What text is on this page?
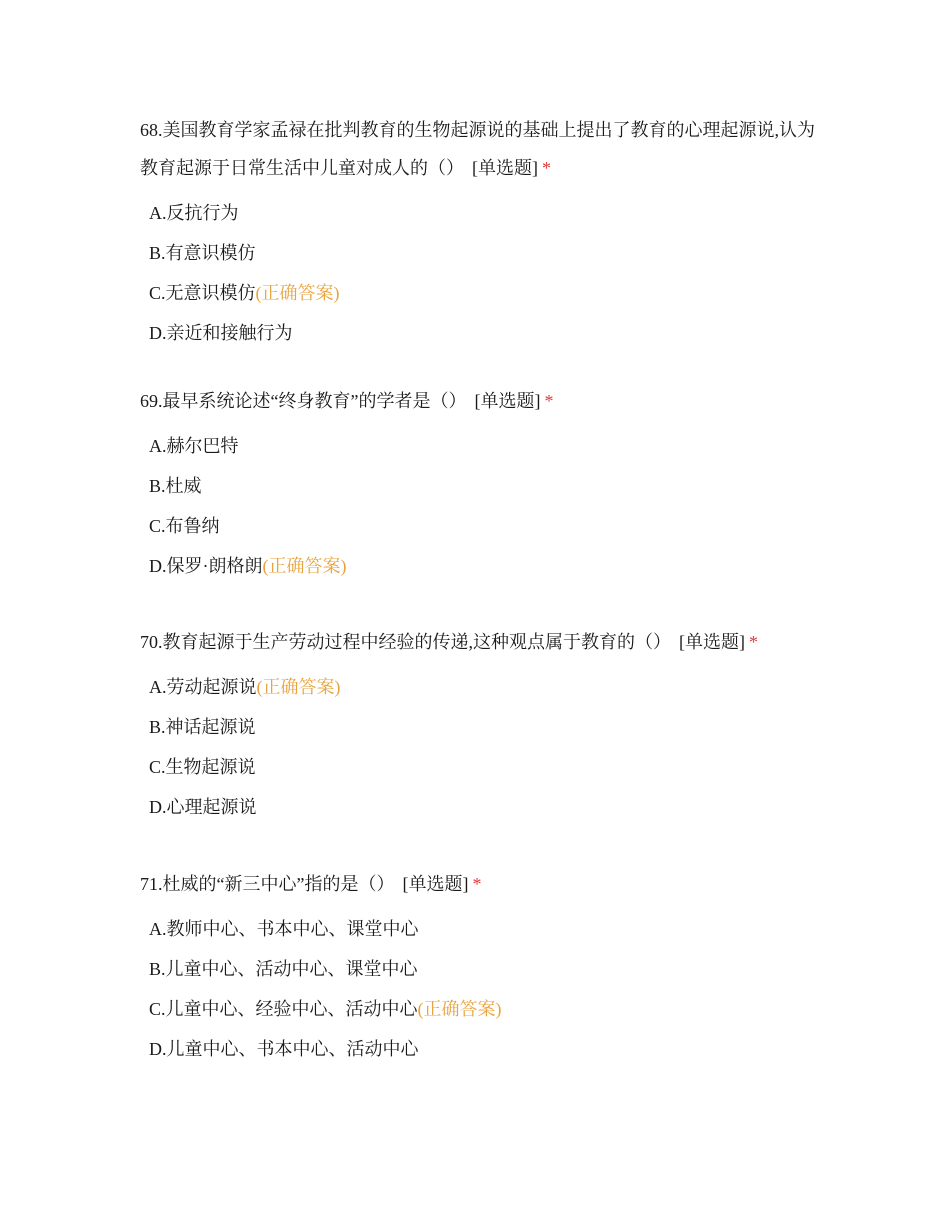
68.美国教育学家孟禄在批判教育的生物起源说的基础上提出了教育的心理起源说,认为教育起源于日常生活中儿童对成人的（） [单选题] *

A.反抗行为
B.有意识模仿
C.无意识模仿(正确答案)
D.亲近和接触行为

69.最早系统论述“终身教育”的学者是（） [单选题] *

A.赫尔巴特
B.杜威
C.布鲁纳
D.保罗·朗格朗(正确答案)

70.教育起源于生产劳动过程中经验的传递,这种观点属于教育的（） [单选题] *

A.劳动起源说(正确答案)
B.神话起源说
C.生物起源说
D.心理起源说

71.杜威的“新三中心”指的是（） [单选题] *

A.教师中心、书本中心、课堂中心
B.儿童中心、活动中心、课堂中心
C.儿童中心、经验中心、活动中心(正确答案)
D.儿童中心、书本中心、活动中心
